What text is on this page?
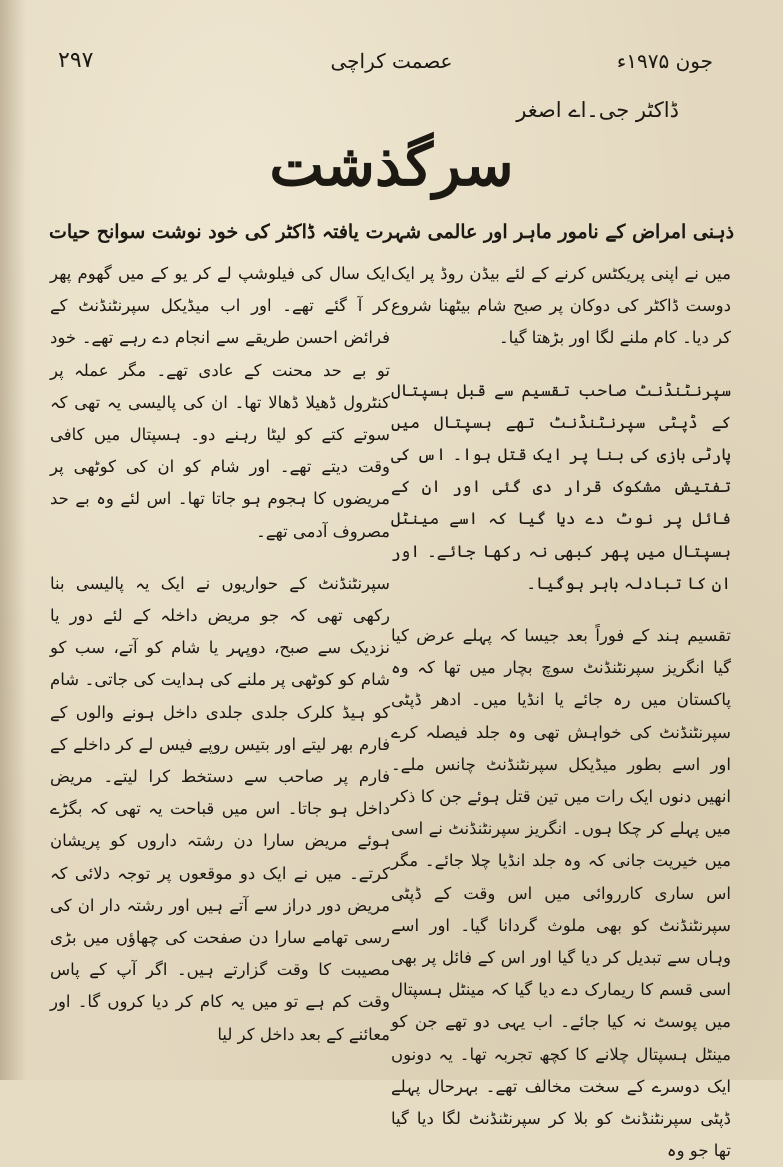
۲۹۷	عصمت کراچی	جون ۱۹۷۵ء
ڈاکٹر جی۔اے اصغر
سرگذشت
ذہنی امراض کے نامور ماہر اور عالمی شہرت یافتہ ڈاکٹر کی خود نوشت سوانح حیات

میں نے اپنی پریکٹس کرنے کے لئے بیڈن روڈ پر ایک دوست ڈاکٹر کی دوکان پر صبح شام بیٹھنا شروع کر دیا۔ کام ملنے لگا اور بڑھتا گیا۔

سپرنٹنڈنٹ صاحب تقسیم سے قبل ہسپتال کے ڈپٹی سپرنٹنڈنٹ تھے ہسپتال میں پارٹی بازی کی بنا پر ایک قتل ہوا۔ اس کی تفتیش مشکوک قرار دی گئی اور ان کے فائل پر نوٹ دے دیا گیا کہ اسے مینٹل ہسپتال میں پھر کبھی نہ رکھا جائے۔ اور ان کا تبادلہ باہر ہوگیا۔

تقسیم ہند کے فوراً بعد جیسا کہ پہلے عرض کیا گیا انگریز سپرنٹنڈنٹ سوچ بچار میں تھا کہ وہ پاکستان میں رہ جائے یا انڈیا میں۔ ادھر ڈپٹی سپرنٹنڈنٹ کی خواہش تھی وہ جلد فیصلہ کرے اور اسے بطور میڈیکل سپرنٹنڈنٹ چانس ملے۔ انھیں دنوں ایک رات میں تین قتل ہوئے جن کا ذکر میں پہلے کر چکا ہوں۔ انگریز سپرنٹنڈنٹ نے اسی میں خیریت جانی کہ وہ جلد انڈیا چلا جائے۔ مگر اس ساری کارروائی میں اس وقت کے ڈپٹی سپرنٹنڈنٹ کو بھی ملوث گردانا گیا۔ اور اسے وہاں سے تبدیل کر دیا گیا اور اس کے فائل پر بھی اسی قسم کا ریمارک دے دیا گیا کہ مینٹل ہسپتال میں پوسٹ نہ کیا جائے۔ اب یہی دو تھے جن کو مینٹل ہسپتال چلانے کا کچھ تجربہ تھا۔ یہ دونوں ایک دوسرے کے سخت مخالف تھے۔ بہرحال پہلے ڈپٹی سپرنٹنڈنٹ کو بلا کر سپرنٹنڈنٹ لگا دیا گیا تھا جو وہ

ایک سال کی فیلوشپ لے کر یو کے میں گھوم پھر کر آ گئے تھے۔ اور اب میڈیکل سپرنٹنڈنٹ کے فرائض احسن طریقے سے انجام دے رہے تھے۔ خود تو بے حد محنت کے عادی تھے۔ مگر عملہ پر کنٹرول ڈھیلا ڈھالا تھا۔ ان کی پالیسی یہ تھی کہ سوتے کتے کو لیٹا رہنے دو۔ ہسپتال میں کافی وقت دیتے تھے۔ اور شام کو ان کی کوٹھی پر مریضوں کا ہجوم ہو جاتا تھا۔ اس لئے وہ بے حد مصروف آدمی تھے۔

سپرنٹنڈنٹ کے حواریوں نے ایک یہ پالیسی بنا رکھی تھی کہ جو مریض داخلہ کے لئے دور یا نزدیک سے صبح، دوپہر یا شام کو آتے، سب کو شام کو کوٹھی پر ملنے کی ہدایت کی جاتی۔ شام کو ہیڈ کلرک جلدی جلدی داخل ہونے والوں کے فارم بھر لیتے اور بتیس روپے فیس لے کر داخلے کے فارم پر صاحب سے دستخط کرا لیتے۔ مریض داخل ہو جاتا۔ اس میں قباحت یہ تھی کہ بگڑے ہوئے مریض سارا دن رشتہ داروں کو پریشان کرتے۔ میں نے ایک دو موقعوں پر توجہ دلائی کہ مریض دور دراز سے آتے ہیں اور رشتہ دار ان کی رسی تھامے سارا دن صفحت کی چھاؤں میں بڑی مصیبت کا وقت گزارتے ہیں۔ اگر آپ کے پاس وقت کم ہے تو میں یہ کام کر دیا کروں گا۔ اور معائنے کے بعد داخل کر لیا
